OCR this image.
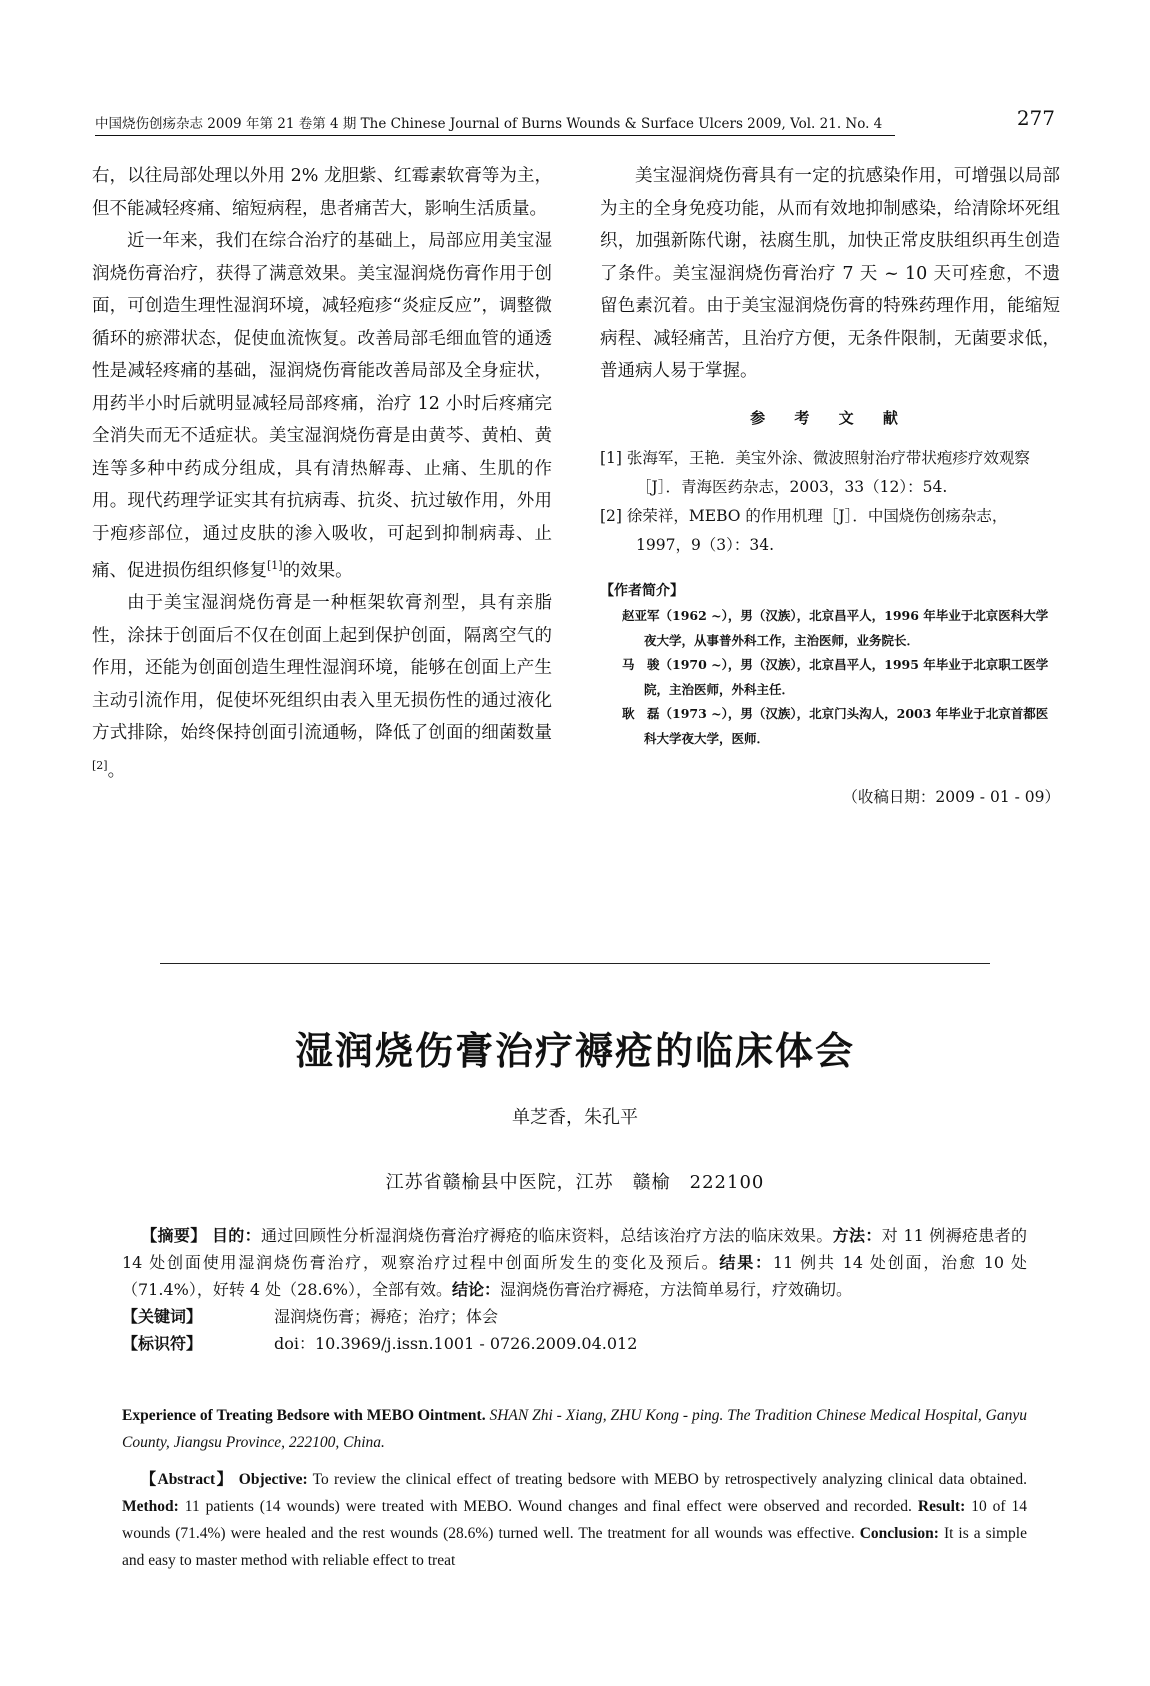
中国烧伤创疡杂志 2009 年第 21 卷第 4 期 The Chinese Journal of Burns Wounds & Surface Ulcers 2009, Vol. 21. No. 4	277

右，以往局部处理以外用 2% 龙胆紫、红霉素软膏等为主，但不能减轻疼痛、缩短病程，患者痛苦大，影响生活质量。

近一年来，我们在综合治疗的基础上，局部应用美宝湿润烧伤膏治疗，获得了满意效果。美宝湿润烧伤膏作用于创面，可创造生理性湿润环境，减轻疱疹“炎症反应”，调整微循环的瘀滞状态，促使血流恢复。改善局部毛细血管的通透性是减轻疼痛的基础，湿润烧伤膏能改善局部及全身症状，用药半小时后就明显减轻局部疼痛，治疗 12 小时后疼痛完全消失而无不适症状。美宝湿润烧伤膏是由黄芩、黄柏、黄连等多种中药成分组成，具有清热解毒、止痛、生肌的作用。现代药理学证实其有抗病毒、抗炎、抗过敏作用，外用于疱疹部位，通过皮肤的渗入吸收，可起到抑制病毒、止痛、促进损伤组织修复[1]的效果。

由于美宝湿润烧伤膏是一种框架软膏剂型，具有亲脂性，涂抹于创面后不仅在创面上起到保护创面，隔离空气的作用，还能为创面创造生理性湿润环境，能够在创面上产生主动引流作用，促使坏死组织由表入里无损伤性的通过液化方式排除，始终保持创面引流通畅，降低了创面的细菌数量[2]。

美宝湿润烧伤膏具有一定的抗感染作用，可增强以局部为主的全身免疫功能，从而有效地抑制感染，给清除坏死组织，加强新陈代谢，祛腐生肌，加快正常皮肤组织再生创造了条件。美宝湿润烧伤膏治疗 7 天 ~ 10 天可痊愈，不遗留色素沉着。由于美宝湿润烧伤膏的特殊药理作用，能缩短病程、减轻痛苦，且治疗方便，无条件限制，无菌要求低，普通病人易于掌握。

参 考 文 献
[1] 张海军，王艳．美宝外涂、微波照射治疗带状疱疹疗效观察［J］．青海医药杂志，2003，33（12）：54.
[2] 徐荣祥，MEBO 的作用机理［J］．中国烧伤创疡杂志，1997，9（3）：34.
【作者简介】
赵亚军（1962 ~），男（汉族），北京昌平人，1996 年毕业于北京医科大学夜大学，从事普外科工作，主治医师，业务院长．
马　骏（1970 ~），男（汉族），北京昌平人，1995 年毕业于北京职工医学院，主治医师，外科主任．
耿　磊（1973 ~），男（汉族），北京门头沟人，2003 年毕业于北京首都医科大学夜大学，医师．
（收稿日期：2009 - 01 - 09）
湿润烧伤膏治疗褥疮的临床体会
单芝香，朱孔平
江苏省赣榆县中医院，江苏　赣榆　222100

【摘要】 目的：通过回顾性分析湿润烧伤膏治疗褥疮的临床资料，总结该治疗方法的临床效果。方法：对 11 例褥疮患者的 14 处创面使用湿润烧伤膏治疗，观察治疗过程中创面所发生的变化及预后。结果：11 例共 14 处创面，治愈 10 处（71.4%），好转 4 处（28.6%），全部有效。结论：湿润烧伤膏治疗褥疮，方法简单易行，疗效确切。

【关键词】	湿润烧伤膏；褥疮；治疗；体会
【标识符】	doi：10.3969/j.issn.1001 - 0726.2009.04.012

Experience of Treating Bedsore with MEBO Ointment. SHAN Zhi - Xiang, ZHU Kong - ping. The Tradition Chinese Medical Hospital, Ganyu County, Jiangsu Province, 222100, China.

【Abstract】 Objective: To review the clinical effect of treating bedsore with MEBO by retrospectively analyzing clinical data obtained. Method: 11 patients (14 wounds) were treated with MEBO. Wound changes and final effect were observed and recorded. Result: 10 of 14 wounds (71.4%) were healed and the rest wounds (28.6%) turned well. The treatment for all wounds was effective. Conclusion: It is a simple and easy to master method with reliable effect to treat
